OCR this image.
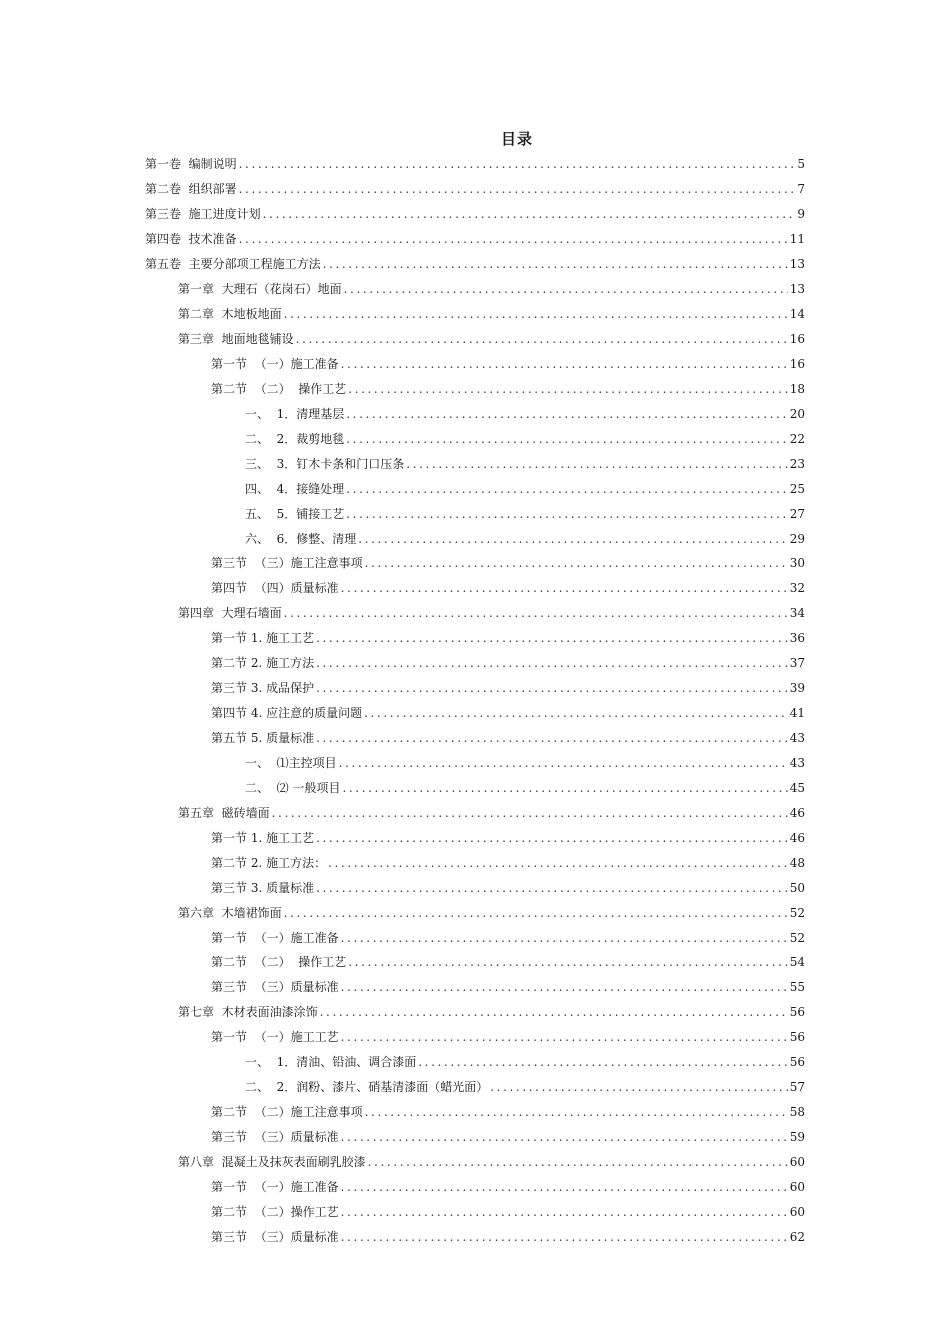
目录
第一卷  编制说明 .....	5
第二卷  组织部署 .....	7
第三卷  施工进度计划 .....	9
第四卷  技术准备 .....	11
第五卷  主要分部项工程施工方法 .....	13
第一章  大理石（花岗石）地面 .....	13
第二章  木地板地面 .....	14
第三章  地面地毯铺设 .....	16
第一节  （一）施工准备 .....	16
第二节  （二）  操作工艺 .....	18
一、  1．清理基层 .....	20
二、  2．裁剪地毯 .....	22
三、  3．钉木卡条和门口压条 .....	23
四、  4．接缝处理 .....	25
五、  5．铺接工艺 .....	27
六、  6．修整、清理 .....	29
第三节  （三）施工注意事项 .....	30
第四节  （四）质量标准 .....	32
第四章  大理石墙面 .....	34
第一节 1. 施工工艺 .....	36
第二节 2. 施工方法 .....	37
第三节 3. 成品保护 .....	39
第四节 4. 应注意的质量问题 .....	41
第五节 5. 质量标准 .....	43
一、  ⑴主控项目 .....	43
二、  ⑵ 一般项目 .....	45
第五章  磁砖墙面 .....	46
第一节 1. 施工工艺 .....	46
第二节 2. 施工方法： .....	48
第三节 3. 质量标准 .....	50
第六章  木墙裙饰面 .....	52
第一节  （一）施工准备 .....	52
第二节  （二）  操作工艺 .....	54
第三节  （三）质量标准 .....	55
第七章  木材表面油漆涂饰 .....	56
第一节  （一）施工工艺 .....	56
一、  1．清油、铅油、调合漆面 .....	56
二、  2．润粉、漆片、硝基清漆面（蜡光面） .....	57
第二节  （二）施工注意事项 .....	58
第三节  （三）质量标准 .....	59
第八章  混凝土及抹灰表面刷乳胶漆 .....	60
第一节  （一）施工准备 .....	60
第二节  （二）操作工艺 .....	60
第三节  （三）质量标准 .....	62
